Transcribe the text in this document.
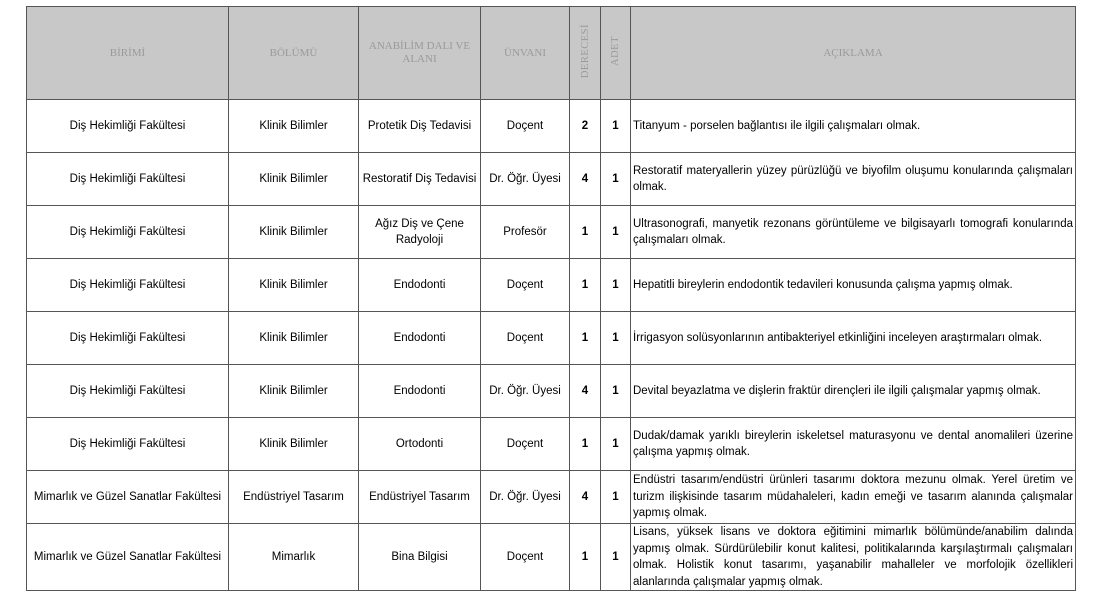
BİRİMİ	BÖLÜMÜ	ANABİLİM DALI VE ALANI	ÜNVANI	DERECESİ	ADET	AÇIKLAMA
Diş Hekimliği Fakültesi	Klinik Bilimler	Protetik Diş Tedavisi	Doçent	2	1	Titanyum - porselen bağlantısı ile ilgili çalışmaları olmak.
Diş Hekimliği Fakültesi	Klinik Bilimler	Restoratif Diş Tedavisi	Dr. Öğr. Üyesi	4	1	Restoratif materyallerin yüzey pürüzlüğü ve biyofilm oluşumu konularında çalışmaları olmak.
Diş Hekimliği Fakültesi	Klinik Bilimler	Ağız Diş ve Çene Radyoloji	Profesör	1	1	Ultrasonografi, manyetik rezonans görüntüleme ve bilgisayarlı tomografi konularında çalışmaları olmak.
Diş Hekimliği Fakültesi	Klinik Bilimler	Endodonti	Doçent	1	1	Hepatitli bireylerin endodontik tedavileri konusunda çalışma yapmış olmak.
Diş Hekimliği Fakültesi	Klinik Bilimler	Endodonti	Doçent	1	1	İrrigasyon solüsyonlarının antibakteriyel etkinliğini inceleyen araştırmaları olmak.
Diş Hekimliği Fakültesi	Klinik Bilimler	Endodonti	Dr. Öğr. Üyesi	4	1	Devital beyazlatma ve dişlerin fraktür dirençleri ile ilgili çalışmalar yapmış olmak.
Diş Hekimliği Fakültesi	Klinik Bilimler	Ortodonti	Doçent	1	1	Dudak/damak yarıklı bireylerin iskeletsel maturasyonu ve dental anomalileri üzerine çalışma yapmış olmak.
Mimarlık ve Güzel Sanatlar Fakültesi	Endüstriyel Tasarım	Endüstriyel Tasarım	Dr. Öğr. Üyesi	4	1	Endüstri tasarım/endüstri ürünleri tasarımı doktora mezunu olmak. Yerel üretim ve turizm ilişkisinde tasarım müdahaleleri, kadın emeği ve tasarım alanında çalışmalar yapmış olmak.
Mimarlık ve Güzel Sanatlar Fakültesi	Mimarlık	Bina Bilgisi	Doçent	1	1	Lisans, yüksek lisans ve doktora eğitimini mimarlık bölümünde/anabilim dalında yapmış olmak. Sürdürülebilir konut kalitesi, politikalarında karşılaştırmalı çalışmaları olmak. Holistik konut tasarımı, yaşanabilir mahalleler ve morfolojik özellikleri alanlarında çalışmalar yapmış olmak.
